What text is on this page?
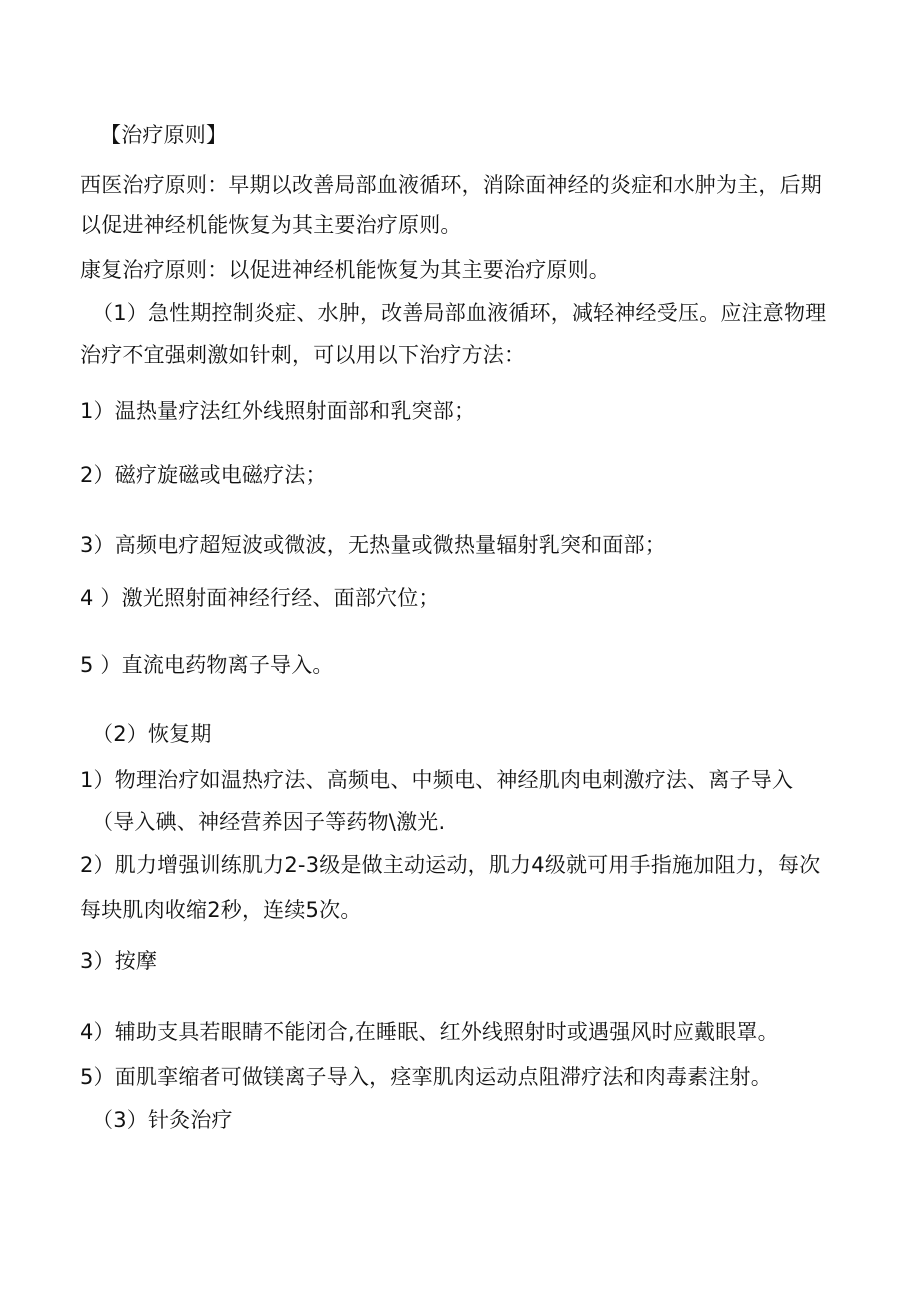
【治疗原则】
西医治疗原则：早期以改善局部血液循环，消除面神经的炎症和水肿为主，后期
以促进神经机能恢复为其主要治疗原则。
康复治疗原则：以促进神经机能恢复为其主要治疗原则。
（1）急性期控制炎症、水肿，改善局部血液循环，减轻神经受压。应注意物理
治疗不宜强刺激如针刺，可以用以下治疗方法：
1）温热量疗法红外线照射面部和乳突部；
2）磁疗旋磁或电磁疗法；
3）高频电疗超短波或微波，无热量或微热量辐射乳突和面部；
4 ）激光照射面神经行经、面部穴位；
5 ）直流电药物离子导入。
（2）恢复期
1）物理治疗如温热疗法、高频电、中频电、神经肌肉电刺激疗法、离子导入
（导入碘、神经营养因子等药物\激光.
2）肌力增强训练肌力2-3级是做主动运动，肌力4级就可用手指施加阻力，每次
每块肌肉收缩2秒，连续5次。
3）按摩
4）辅助支具若眼睛不能闭合,在睡眠、红外线照射时或遇强风时应戴眼罩。
5）面肌挛缩者可做镁离子导入，痉挛肌肉运动点阻滞疗法和肉毒素注射。
（3）针灸治疗
